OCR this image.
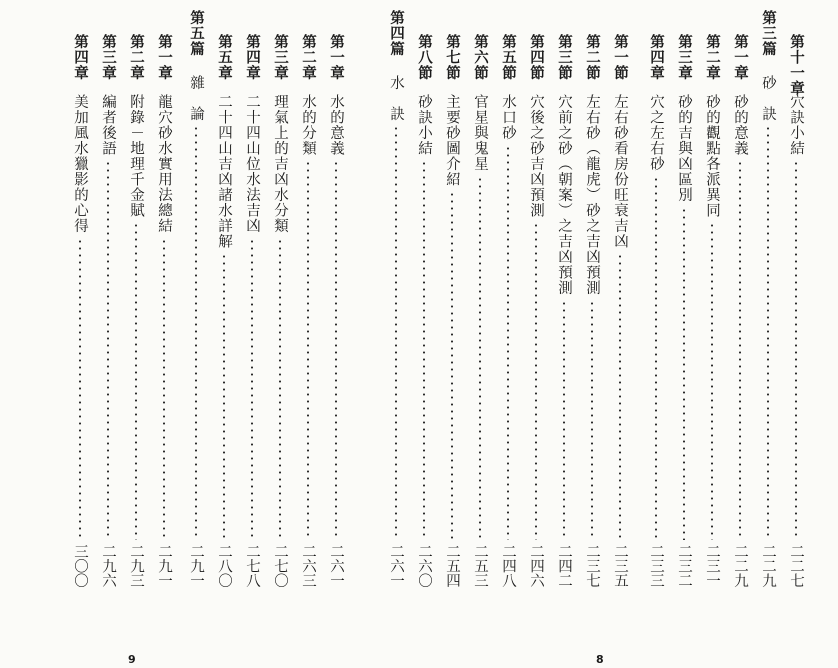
第十一章
穴訣小結
二二七
第三篇
砂　訣
二二九
第一章
砂的意義
二二九
第二章
砂的觀點各派異同
二三一
第三章
砂的吉與凶區別
二三二
第四章
穴之左右砂
二三三
第一節
左右砂看房份旺衰吉凶
二三五
第二節
左右砂（龍虎）砂之吉凶預測
二三七
第三節
穴前之砂（朝案）之吉凶預測
二四二
第四節
穴後之砂吉凶預測
二四六
第五節
水口砂
二四八
第六節
官星與鬼星
二五三
第七節
主要砂圖介紹
二五四
第八節
砂訣小結
二六〇
第四篇
水　訣
二六一
第一章
水的意義
二六一
第二章
水的分類
二六三
第三章
理氣上的吉凶水分類
二七〇
第四章
二十四山位水法吉凶
二七八
第五章
二十四山吉凶諸水詳解
二八〇
第五篇
雜　論
二九一
第一章
龍穴砂水實用法總結
二九一
第二章
附錄－地理千金賦
二九三
第三章
編者後語
二九六
第四章
美加風水獵影的心得
三〇〇
9	8
